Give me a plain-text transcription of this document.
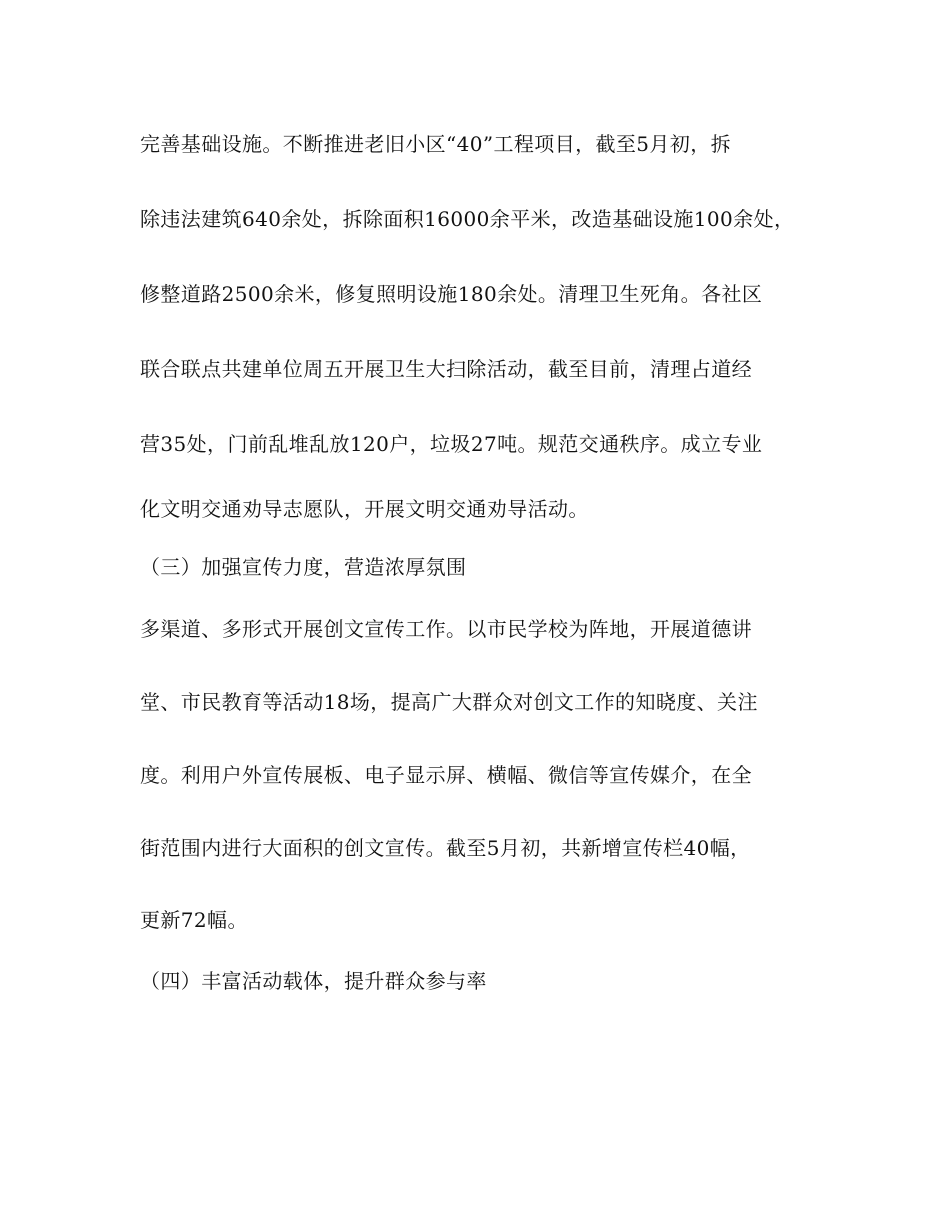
完善基础设施。不断推进老旧小区“40”工程项目，截至5月初，拆
除违法建筑640余处，拆除面积16000余平米，改造基础设施100余处，
修整道路2500余米，修复照明设施180余处。清理卫生死角。各社区
联合联点共建单位周五开展卫生大扫除活动，截至目前，清理占道经
营35处，门前乱堆乱放120户，垃圾27吨。规范交通秩序。成立专业
化文明交通劝导志愿队，开展文明交通劝导活动。
（三）加强宣传力度，营造浓厚氛围
多渠道、多形式开展创文宣传工作。以市民学校为阵地，开展道德讲
堂、市民教育等活动18场，提高广大群众对创文工作的知晓度、关注
度。利用户外宣传展板、电子显示屏、横幅、微信等宣传媒介，在全
街范围内进行大面积的创文宣传。截至5月初，共新增宣传栏40幅，
更新72幅。
（四）丰富活动载体，提升群众参与率
